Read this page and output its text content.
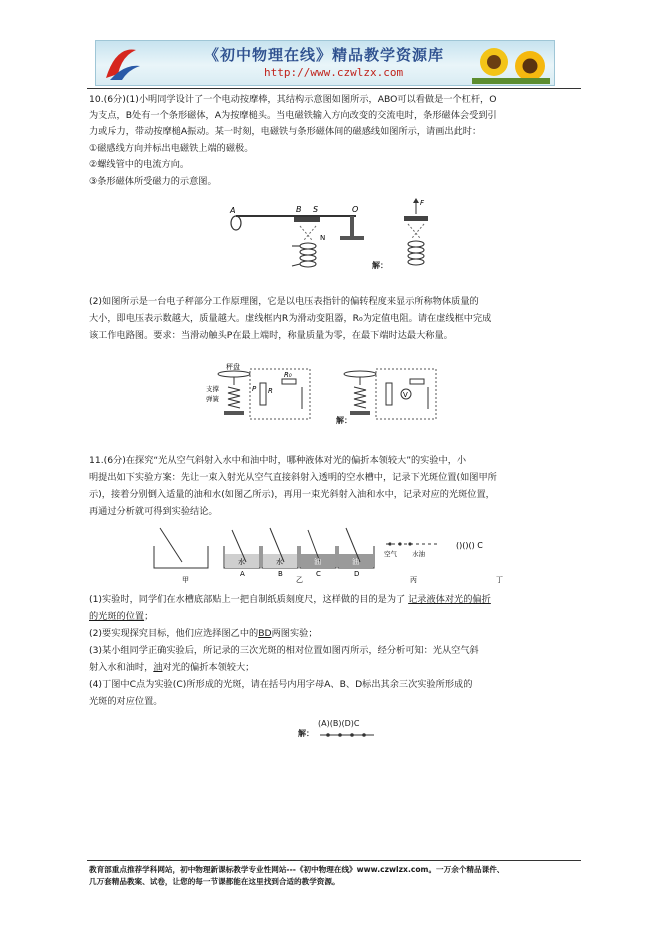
《初中物理在线》精品教学资源库
http://www.czwlzx.com
10.(6分)(1)小明同学设计了一个电动按摩棒，其结构示意图如图所示，ABO可以看做是一个杠杆，O
为支点，B处有一个条形磁体，A为按摩槌头。当电磁铁输入方向改变的交流电时，条形磁体会受到引
力或斥力，带动按摩槌A振动。某一时刻，电磁铁与条形磁体间的磁感线如图所示，请画出此时：
①磁感线方向并标出电磁铁上端的磁极。
②螺线管中的电流方向。
③条形磁体所受磁力的示意图。
A	B S	O
N
F
解：
(2)如图所示是一台电子秤部分工作原理图，它是以电压表指针的偏转程度来显示所称物体质量的
大小，即电压表示数越大，质量越大。虚线框内R为滑动变阻器，R₀为定值电阻。请在虚线框中完成
该工作电路图。要求：当滑动触头P在最上端时，称量质量为零，在最下端时达最大称量。
秤盘
支撑
弹簧
P R
R₀
V
解：
11.(6分)在探究“光从空气斜射入水中和油中时，哪种液体对光的偏折本领较大”的实验中，小
明提出如下实验方案：先让一束入射光从空气直接斜射入透明的空水槽中，记录下光斑位置(如图甲所
示)，接着分别倒入适量的油和水(如图乙所示)，再用一束光斜射入油和水中，记录对应的光斑位置，
再通过分析就可得到实验结论。
甲
水	水	油	油
A	B	C	D
乙
空气 水油
丙
()()() C
丁
(1)实验时，同学们在水槽底部贴上一把自制纸质刻度尺，这样做的目的是为了 记录液体对光的偏折
的光斑的位置；
(2)要实现探究目标，他们应选择图乙中的BD两图实验；
(3)某小组同学正确实验后，所记录的三次光斑的相对位置如图丙所示，经分析可知：光从空气斜
射入水和油时，油对光的偏折本领较大；
(4)丁图中C点为实验(C)所形成的光斑，请在括号内用字母A、B、D标出其余三次实验所形成的
光斑的对应位置。
解：
(A)(B)(D)C
教育部重点推荐学科网站，初中物理新课标教学专业性网站---《初中物理在线》www.czwlzx.com。一万余个精品课件、
几万套精品教案、试卷，让您的每一节课都能在这里找到合适的教学资源。
